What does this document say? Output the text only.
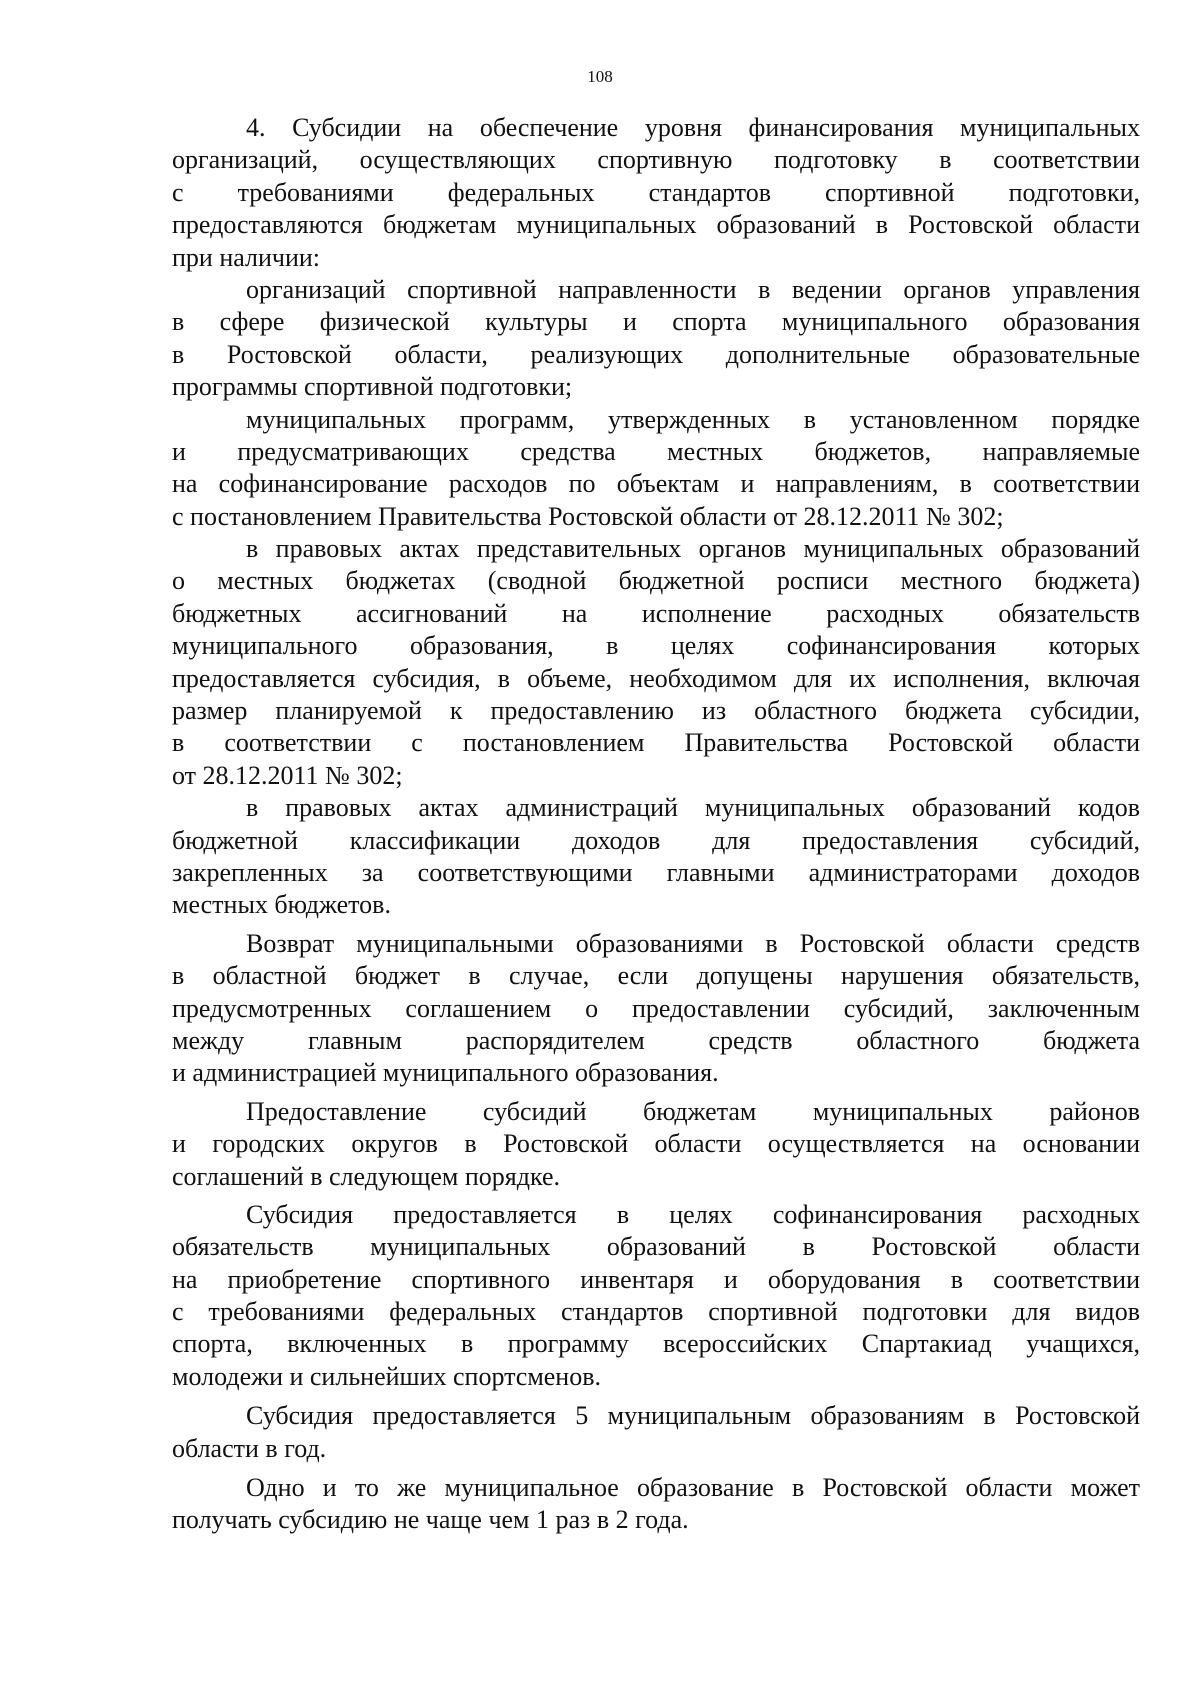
108
4. Субсидии на обеспечение уровня финансирования муниципальных
организаций, осуществляющих спортивную подготовку в соответствии
с требованиями федеральных стандартов спортивной подготовки,
предоставляются бюджетам муниципальных образований в Ростовской области
при наличии:
организаций спортивной направленности в ведении органов управления
в сфере физической культуры и спорта муниципального образования
в Ростовской области, реализующих дополнительные образовательные
программы спортивной подготовки;
муниципальных программ, утвержденных в установленном порядке
и предусматривающих средства местных бюджетов, направляемые
на софинансирование расходов по объектам и направлениям, в соответствии
с постановлением Правительства Ростовской области от 28.12.2011 № 302;
в правовых актах представительных органов муниципальных образований
о местных бюджетах (сводной бюджетной росписи местного бюджета)
бюджетных ассигнований на исполнение расходных обязательств
муниципального образования, в целях софинансирования которых
предоставляется субсидия, в объеме, необходимом для их исполнения, включая
размер планируемой к предоставлению из областного бюджета субсидии,
в соответствии с постановлением Правительства Ростовской области
от 28.12.2011 № 302;
в правовых актах администраций муниципальных образований кодов
бюджетной классификации доходов для предоставления субсидий,
закрепленных за соответствующими главными администраторами доходов
местных бюджетов.
Возврат муниципальными образованиями в Ростовской области средств
в областной бюджет в случае, если допущены нарушения обязательств,
предусмотренных соглашением о предоставлении субсидий, заключенным
между главным распорядителем средств областного бюджета
и администрацией муниципального образования.
Предоставление субсидий бюджетам муниципальных районов
и городских округов в Ростовской области осуществляется на основании
соглашений в следующем порядке.
Субсидия предоставляется в целях софинансирования расходных
обязательств муниципальных образований в Ростовской области
на приобретение спортивного инвентаря и оборудования в соответствии
с требованиями федеральных стандартов спортивной подготовки для видов
спорта, включенных в программу всероссийских Спартакиад учащихся,
молодежи и сильнейших спортсменов.
Субсидия предоставляется 5 муниципальным образованиям в Ростовской
области в год.
Одно и то же муниципальное образование в Ростовской области может
получать субсидию не чаще чем 1 раз в 2 года.
